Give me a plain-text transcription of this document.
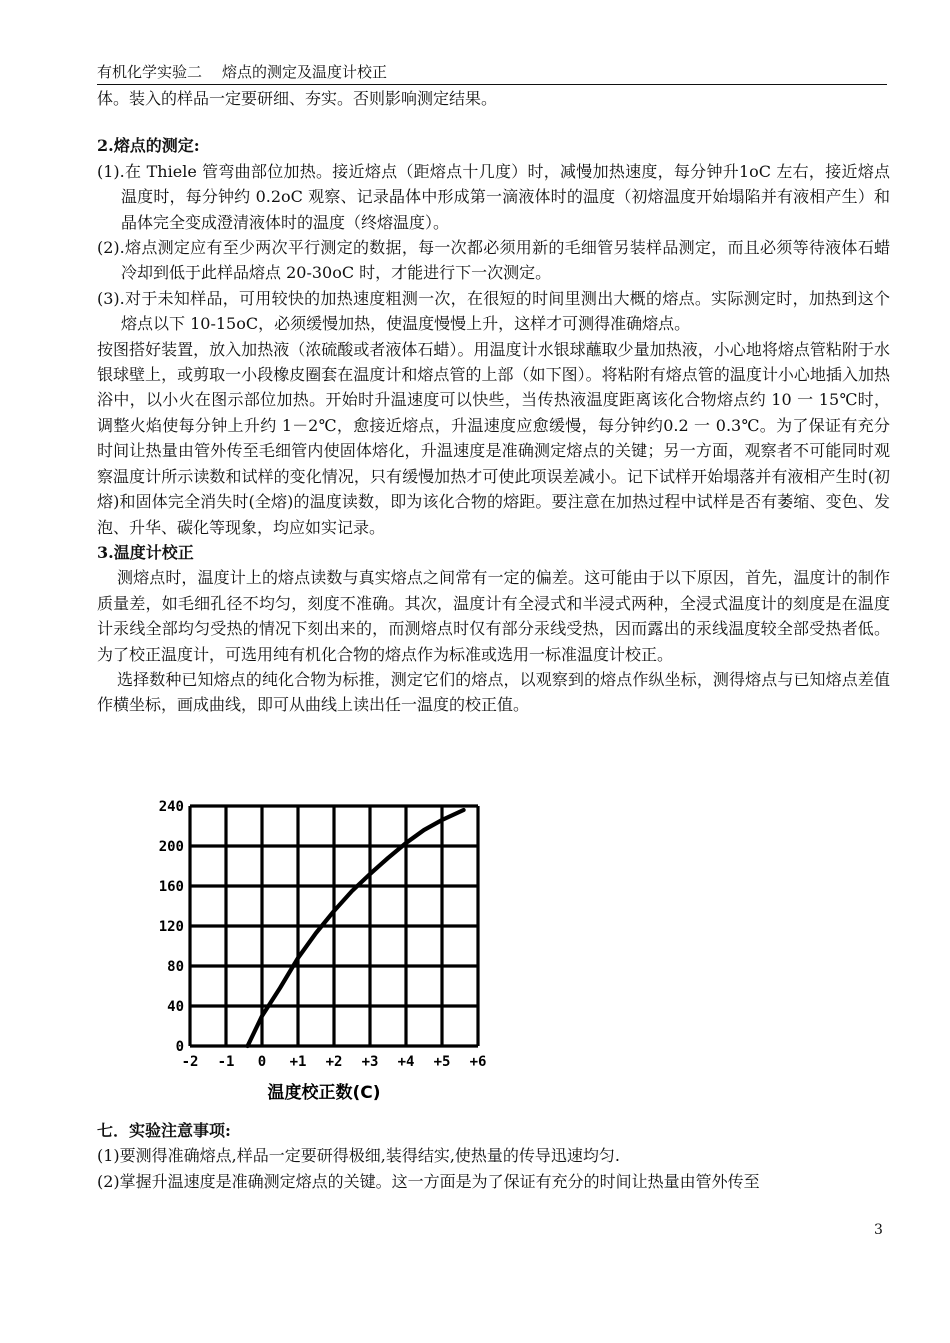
有机化学实验二 熔点的测定及温度计校正

体。装入的样品一定要研细、夯实。否则影响测定结果。

2.熔点的测定:

(1).在 Thiele 管弯曲部位加热。接近熔点（距熔点十几度）时，减慢加热速度，每分钟升1oC 左右，接近熔点温度时，每分钟约 0.2oC 观察、记录晶体中形成第一滴液体时的温度（初熔温度开始塌陷并有液相产生）和晶体完全变成澄清液体时的温度（终熔温度）。

(2).熔点测定应有至少两次平行测定的数据，每一次都必须用新的毛细管另装样品测定，而且必须等待液体石蜡冷却到低于此样品熔点 20-30oC 时，才能进行下一次测定。

(3).对于未知样品，可用较快的加热速度粗测一次，在很短的时间里测出大概的熔点。实际测定时，加热到这个熔点以下 10-15oC，必须缓慢加热，使温度慢慢上升，这样才可测得准确熔点。

按图搭好装置，放入加热液（浓硫酸或者液体石蜡）。用温度计水银球蘸取少量加热液，小心地将熔点管粘附于水银球壁上，或剪取一小段橡皮圈套在温度计和熔点管的上部（如下图）。将粘附有熔点管的温度计小心地插入加热浴中，以小火在图示部位加热。开始时升温速度可以快些，当传热液温度距离该化合物熔点约 10 一 15℃时，调整火焰使每分钟上升约 1－2℃，愈接近熔点，升温速度应愈缓慢，每分钟约0.2 一 0.3℃。为了保证有充分时间让热量由管外传至毛细管内使固体熔化，升温速度是准确测定熔点的关键；另一方面，观察者不可能同时观察温度计所示读数和试样的变化情况，只有缓慢加热才可使此项误差减小。记下试样开始塌落并有液相产生时(初熔)和固体完全消失时(全熔)的温度读数，即为该化合物的熔距。要注意在加热过程中试样是否有萎缩、变色、发泡、升华、碳化等现象，均应如实记录。

3.温度计校正

测熔点时，温度计上的熔点读数与真实熔点之间常有一定的偏差。这可能由于以下原因，首先，温度计的制作质量差，如毛细孔径不均匀，刻度不准确。其次，温度计有全浸式和半浸式两种，全浸式温度计的刻度是在温度计汞线全部均匀受热的情况下刻出来的，而测熔点时仅有部分汞线受热，因而露出的汞线温度较全部受热者低。为了校正温度计，可选用纯有机化合物的熔点作为标准或选用一标准温度计校正。

选择数种已知熔点的纯化合物为标推，测定它们的熔点，以观察到的熔点作纵坐标，测得熔点与已知熔点差值作横坐标，画成曲线，即可从曲线上读出任一温度的校正值。

-2 -1 0 +1 +2 +3 +4 +5 +6
0
40
80
120
160
200
240
温度校正数(C)

七．实验注意事项:

(1)要测得准确熔点,样品一定要研得极细,装得结实,使热量的传导迅速均匀.

(2)掌握升温速度是准确测定熔点的关键。这一方面是为了保证有充分的时间让热量由管外传至

3
